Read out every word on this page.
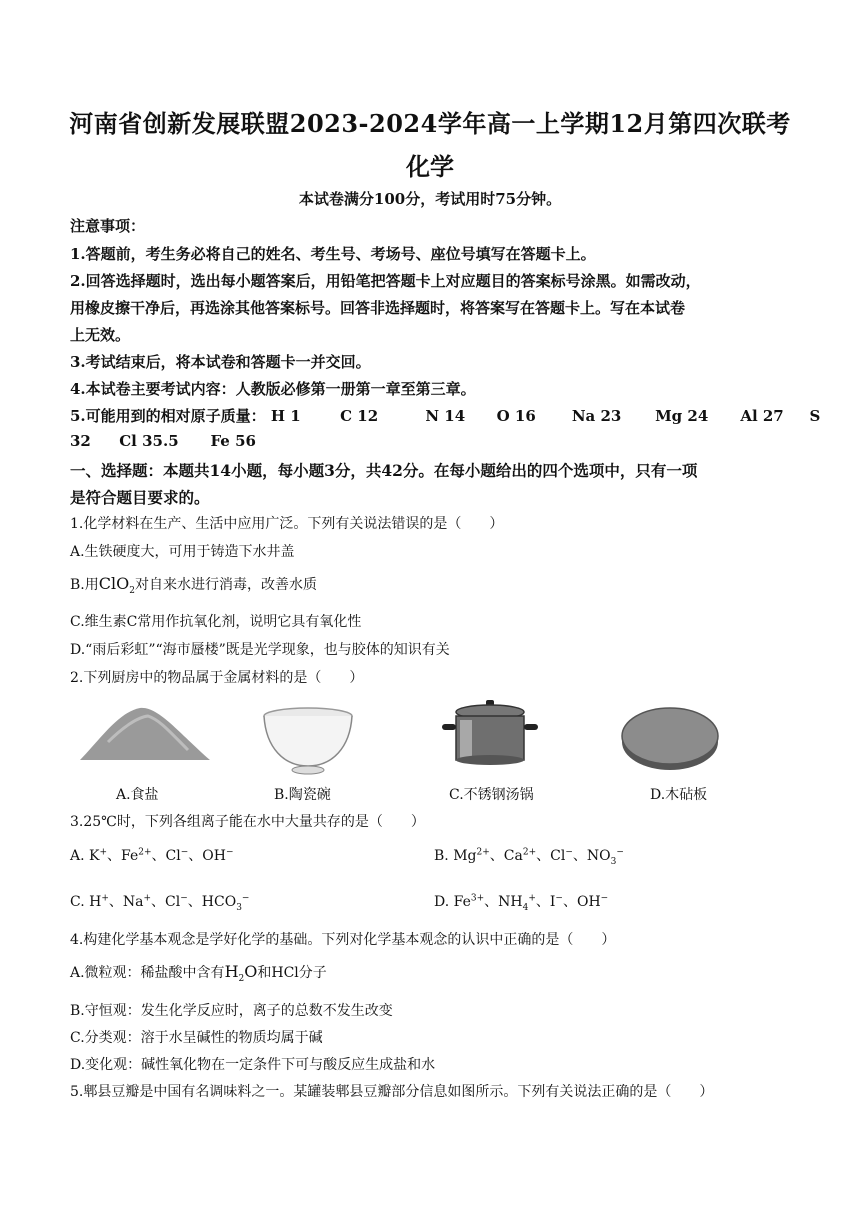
河南省创新发展联盟2023-2024学年高一上学期12月第四次联考
化学
本试卷满分100分，考试用时75分钟。
注意事项：
1.答题前，考生务必将自己的姓名、考生号、考场号、座位号填写在答题卡上。
2.回答选择题时，选出每小题答案后，用铅笔把答题卡上对应题目的答案标号涂黑。如需改动，
用橡皮擦干净后，再选涂其他答案标号。回答非选择题时，将答案写在答题卡上。写在本试卷
上无效。
3.考试结束后，将本试卷和答题卡一并交回。
4.本试卷主要考试内容：人教版必修第一册第一章至第三章。
5.可能用到的相对原子质量： H 1	C 12	N 14 O 16 Na 23 Mg 24 Al 27 S
32 Cl 35.5 Fe 56
一、选择题：本题共14小题，每小题3分，共42分。在每小题给出的四个选项中，只有一项
是符合题目要求的。
1.化学材料在生产、生活中应用广泛。下列有关说法错误的是（　　）
A.生铁硬度大，可用于铸造下水井盖
B.用ClO$_2$对自来水进行消毒，改善水质
C.维生素C常用作抗氧化剂，说明它具有氧化性
D.“雨后彩虹”“海市蜃楼”既是光学现象，也与胶体的知识有关
2.下列厨房中的物品属于金属材料的是（　　）
A.食盐	B.陶瓷碗	C.不锈钢汤锅	D.木砧板
3.25℃时，下列各组离子能在水中大量共存的是（　　）
A. K+、$Fe^{2+}$、Cl−、OH−	B. $Mg^{2+}$、$Ca^{2+}$、Cl−、$NO_3^-$
C. H+、Na+、Cl−、$HCO_3^-$	D. $Fe^{3+}$、$NH_4^+$、I−、OH−
4.构建化学基本观念是学好化学的基础。下列对化学基本观念的认识中正确的是（　　）
A.微粒观：稀盐酸中含有$H_2O$和HCl分子
B.守恒观：发生化学反应时，离子的总数不发生改变
C.分类观：溶于水呈碱性的物质均属于碱
D.变化观：碱性氧化物在一定条件下可与酸反应生成盐和水
5.郫县豆瓣是中国有名调味料之一。某罐装郫县豆瓣部分信息如图所示。下列有关说法正确的是（　　）
